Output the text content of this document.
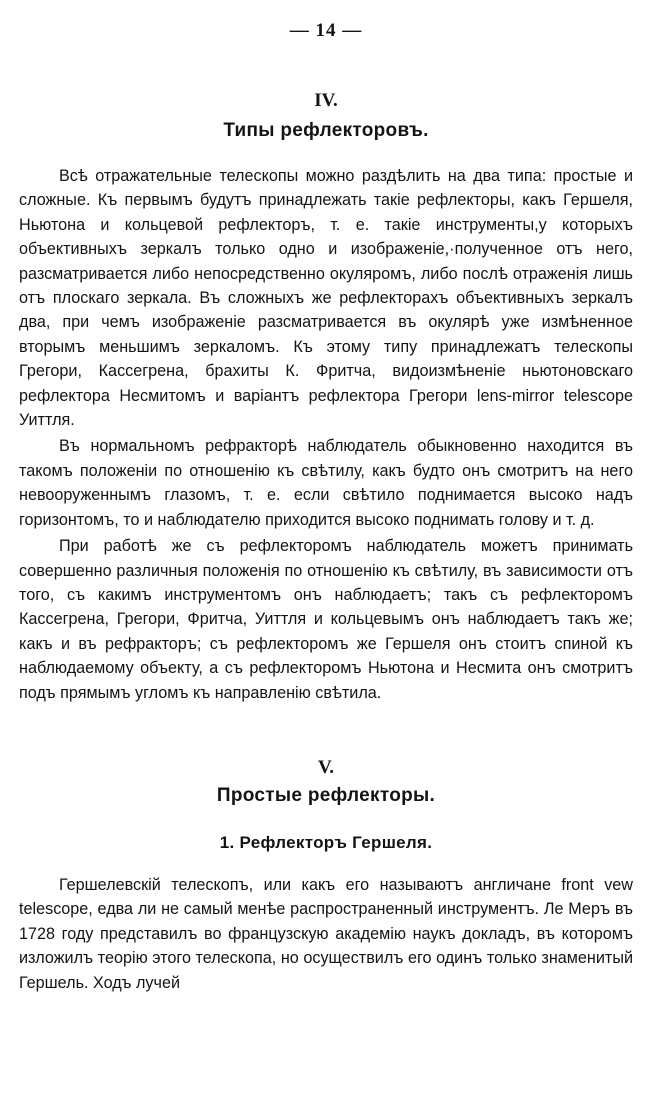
— 14 —
IV.
Типы рефлекторовъ.

Всѣ отражательные телескопы можно раздѣлить на два типа: простые и сложные. Къ первымъ будутъ принадлежать такіе рефлекторы, какъ Гершеля, Ньютона и кольцевой рефлекторъ, т. е. такіе инструменты,у которыхъ объективныхъ зеркалъ только одно и изображеніе,·полученное отъ него, разсматривается либо непосредственно окуляромъ, либо послѣ отраженія лишь отъ плоскаго зеркала. Въ сложныхъ же рефлекторахъ объективныхъ зеркалъ два, при чемъ изображеніе разсматривается въ окулярѣ уже измѣненное вторымъ меньшимъ зеркаломъ. Къ этому типу принадлежатъ телескопы Грегори, Кассегрена, брахиты К. Фритча, видоизмѣненіе ньютоновскаго рефлектора Несмитомъ и варіантъ рефлектора Грегори lens-mirror telescope Уиттля.

Въ нормальномъ рефракторѣ наблюдатель обыкновенно находится въ такомъ положеніи по отношенію къ свѣтилу, какъ будто онъ смотритъ на него невооруженнымъ глазомъ, т. е. если свѣтило поднимается высоко надъ горизонтомъ, то и наблюдателю приходится высоко поднимать голову и т. д.

При работѣ же съ рефлекторомъ наблюдатель можетъ принимать совершенно различныя положенія по отношенію къ свѣтилу, въ зависимости отъ того, съ какимъ инструментомъ онъ наблюдаетъ; такъ съ рефлекторомъ Кассегрена, Грегори, Фритча, Уиттля и кольцевымъ онъ наблюдаетъ такъ же; какъ и въ рефракторъ; съ рефлекторомъ же Гершеля онъ стоитъ спиной къ наблюдаемому объекту, а съ рефлекторомъ Ньютона и Несмита онъ смотритъ подъ прямымъ угломъ къ направленію свѣтила.

V.
Простые рефлекторы.
1. Рефлекторъ Гершеля.

Гершелевскій телескопъ, или какъ его называютъ англичане front vew telescope, едва ли не самый менѣе распространенный инструментъ. Ле Меръ въ 1728 году представилъ во французскую академію наукъ докладъ, въ которомъ изложилъ теорію этого телескопа, но осуществилъ его одинъ только знаменитый Гершель. Ходъ лучей
